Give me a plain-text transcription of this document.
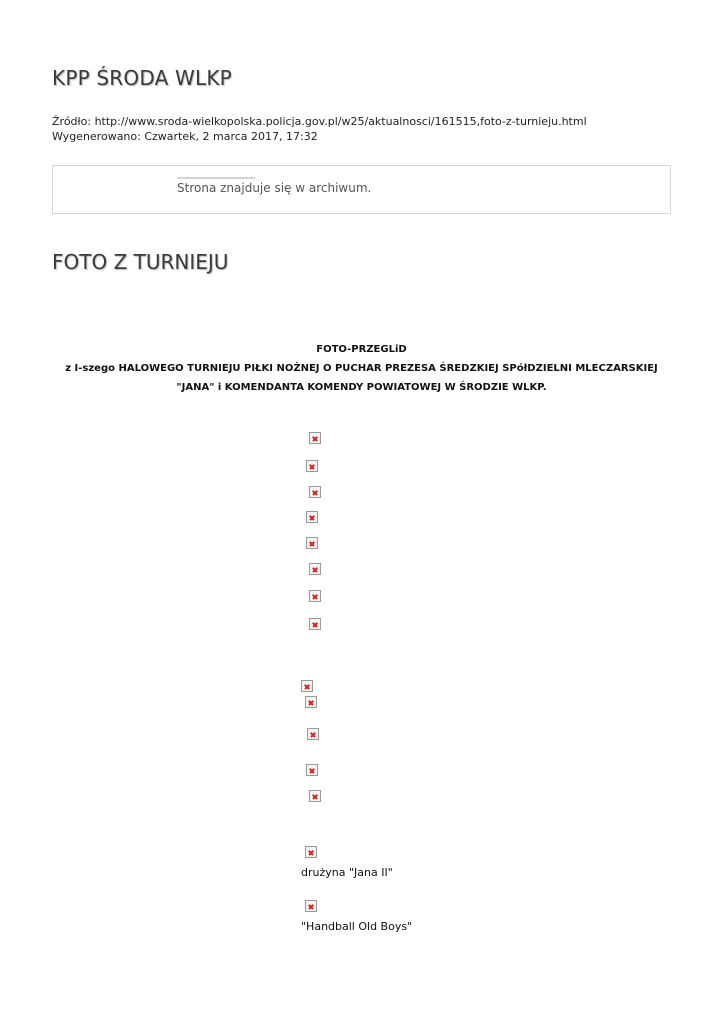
KPP ŚRODA WLKP
Źródło: http://www.sroda-wielkopolska.policja.gov.pl/w25/aktualnosci/161515,foto-z-turnieju.html
Wygenerowano: Czwartek, 2 marca 2017, 17:32
Strona znajduje się w archiwum.
FOTO Z TURNIEJU
FOTO-PRZEGLiD
z I-szego HALOWEGO TURNIEJU PIŁKI NOŻNEJ O PUCHAR PREZESA ŚREDZKIEJ SPółDZIELNI MLECZARSKIEJ
"JANA" i KOMENDANTA KOMENDY POWIATOWEJ W ŚRODZIE WLKP.
drużyna "Jana II"
"Handball Old Boys"
